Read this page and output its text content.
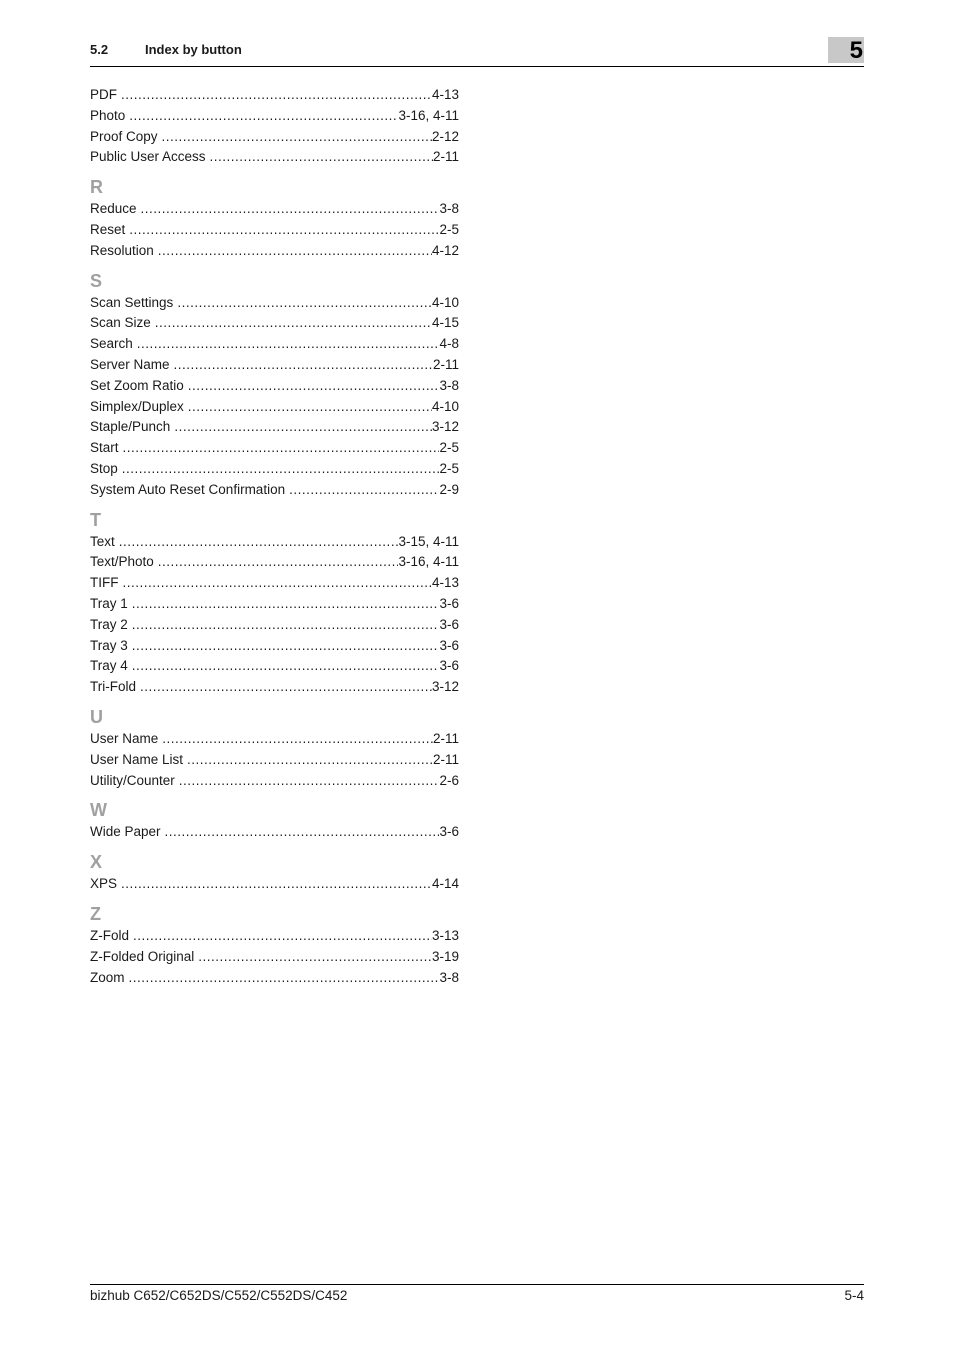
5.2	Index by button	5
PDF .....	4-13
Photo .....	3-16, 4-11
Proof Copy .....	2-12
Public User Access .....	2-11
R
Reduce .....	3-8
Reset .....	2-5
Resolution .....	4-12
S
Scan Settings .....	4-10
Scan Size .....	4-15
Search .....	4-8
Server Name .....	2-11
Set Zoom Ratio .....	3-8
Simplex/Duplex .....	4-10
Staple/Punch .....	3-12
Start .....	2-5
Stop .....	2-5
System Auto Reset Confirmation .....	2-9
T
Text .....	3-15, 4-11
Text/Photo .....	3-16, 4-11
TIFF .....	4-13
Tray 1 .....	3-6
Tray 2 .....	3-6
Tray 3 .....	3-6
Tray 4 .....	3-6
Tri-Fold .....	3-12
U
User Name .....	2-11
User Name List .....	2-11
Utility/Counter .....	2-6
W
Wide Paper .....	3-6
X
XPS .....	4-14
Z
Z-Fold .....	3-13
Z-Folded Original .....	3-19
Zoom .....	3-8
bizhub C652/C652DS/C552/C552DS/C452	5-4
